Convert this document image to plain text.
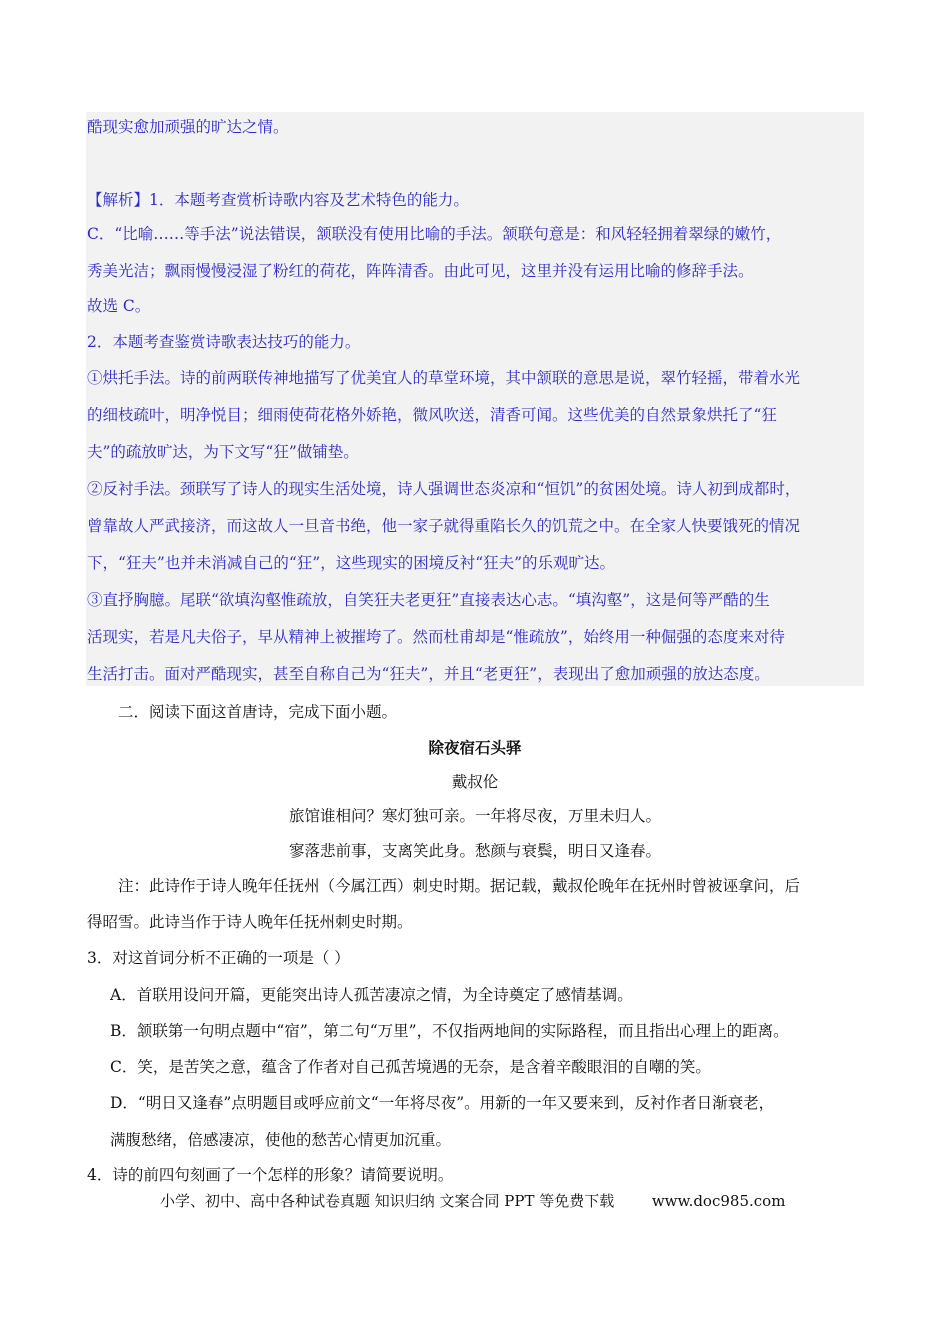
酷现实愈加顽强的旷达之情。
【解析】1．本题考查赏析诗歌内容及艺术特色的能力。
C．“比喻……等手法”说法错误，颔联没有使用比喻的手法。颔联句意是：和风轻轻拥着翠绿的嫩竹，
秀美光洁；飘雨慢慢浸湿了粉红的荷花，阵阵清香。由此可见，这里并没有运用比喻的修辞手法。
故选 C。
2．本题考查鉴赏诗歌表达技巧的能力。
①烘托手法。诗的前两联传神地描写了优美宜人的草堂环境，其中颔联的意思是说，翠竹轻摇，带着水光
的细枝疏叶，明净悦目；细雨使荷花格外娇艳，微风吹送，清香可闻。这些优美的自然景象烘托了“狂
夫”的疏放旷达，为下文写“狂”做铺垫。
②反衬手法。颈联写了诗人的现实生活处境，诗人强调世态炎凉和“恒饥”的贫困处境。诗人初到成都时，
曾靠故人严武接济，而这故人一旦音书绝，他一家子就得重陷长久的饥荒之中。在全家人快要饿死的情况
下，“狂夫”也并未消减自己的“狂”，这些现实的困境反衬“狂夫”的乐观旷达。
③直抒胸臆。尾联“欲填沟壑惟疏放，自笑狂夫老更狂”直接表达心志。“填沟壑”，这是何等严酷的生
活现实，若是凡夫俗子，早从精神上被摧垮了。然而杜甫却是“惟疏放”，始终用一种倔强的态度来对待
生活打击。面对严酷现实，甚至自称自己为“狂夫”，并且“老更狂”，表现出了愈加顽强的放达态度。
二．阅读下面这首唐诗，完成下面小题。
除夜宿石头驿
戴叔伦
旅馆谁相问？寒灯独可亲。一年将尽夜，万里未归人。
寥落悲前事，支离笑此身。愁颜与衰鬓，明日又逢春。
注：此诗作于诗人晚年任抚州（今属江西）刺史时期。据记载，戴叔伦晚年在抚州时曾被诬拿问，后
得昭雪。此诗当作于诗人晚年任抚州刺史时期。
3．对这首词分析不正确的一项是（ ）
A．首联用设问开篇，更能突出诗人孤苦凄凉之情，为全诗奠定了感情基调。
B．颔联第一句明点题中“宿”，第二句“万里”，不仅指两地间的实际路程，而且指出心理上的距离。
C．笑，是苦笑之意，蕴含了作者对自己孤苦境遇的无奈，是含着辛酸眼泪的自嘲的笑。
D．“明日又逢春”点明题目或呼应前文“一年将尽夜”。用新的一年又要来到，反衬作者日渐衰老，
满腹愁绪，倍感凄凉，使他的愁苦心情更加沉重。
4．诗的前四句刻画了一个怎样的形象？请简要说明。
小学、初中、高中各种试卷真题 知识归纳 文案合同 PPT 等免费下载	www.doc985.com
